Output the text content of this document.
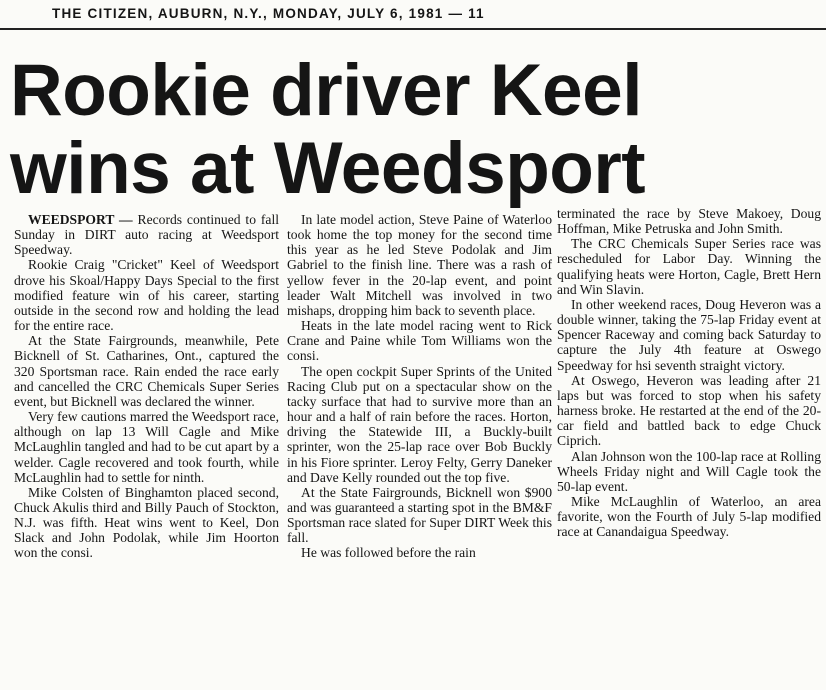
THE CITIZEN, AUBURN, N.Y., MONDAY, JULY 6, 1981 — 11
Rookie driver Keel
wins at Weedsport

WEEDSPORT — Records continued to fall Sunday in DIRT auto racing at Weedsport Speedway.

Rookie Craig "Cricket" Keel of Weedsport drove his Skoal/Happy Days Special to the first modified feature win of his career, starting outside in the second row and holding the lead for the entire race.

At the State Fairgrounds, meanwhile, Pete Bicknell of St. Catharines, Ont., captured the 320 Sportsman race. Rain ended the race early and cancelled the CRC Chemicals Super Series event, but Bicknell was declared the winner.

Very few cautions marred the Weedsport race, although on lap 13 Will Cagle and Mike McLaughlin tangled and had to be cut apart by a welder. Cagle recovered and took fourth, while McLaughlin had to settle for ninth.

Mike Colsten of Binghamton placed second, Chuck Akulis third and Billy Pauch of Stockton, N.J. was fifth. Heat wins went to Keel, Don Slack and John Podolak, while Jim Hoorton won the consi.

In late model action, Steve Paine of Waterloo took home the top money for the second time this year as he led Steve Podolak and Jim Gabriel to the finish line. There was a rash of yellow fever in the 20-lap event, and point leader Walt Mitchell was involved in two mishaps, dropping him back to seventh place.

Heats in the late model racing went to Rick Crane and Paine while Tom Williams won the consi.

The open cockpit Super Sprints of the United Racing Club put on a spectacular show on the tacky surface that had to survive more than an hour and a half of rain before the races. Horton, driving the Statewide III, a Buckly-built sprinter, won the 25-lap race over Bob Buckly in his Fiore sprinter. Leroy Felty, Gerry Daneker and Dave Kelly rounded out the top five.

At the State Fairgrounds, Bicknell won $900 and was guaranteed a starting spot in the BM&F Sportsman race slated for Super DIRT Week this fall.

He was followed before the rain

terminated the race by Steve Makoey, Doug Hoffman, Mike Petruska and John Smith.

The CRC Chemicals Super Series race was rescheduled for Labor Day. Winning the qualifying heats were Horton, Cagle, Brett Hern and Win Slavin.

In other weekend races, Doug Heveron was a double winner, taking the 75-lap Friday event at Spencer Raceway and coming back Saturday to capture the July 4th feature at Oswego Speedway for hsi seventh straight victory.

At Oswego, Heveron was leading after 21 laps but was forced to stop when his safety harness broke. He restarted at the end of the 20-car field and battled back to edge Chuck Ciprich.

Alan Johnson won the 100-lap race at Rolling Wheels Friday night and Will Cagle took the 50-lap event.

Mike McLaughlin of Waterloo, an area favorite, won the Fourth of July 5-lap modified race at Canandaigua Speedway.
